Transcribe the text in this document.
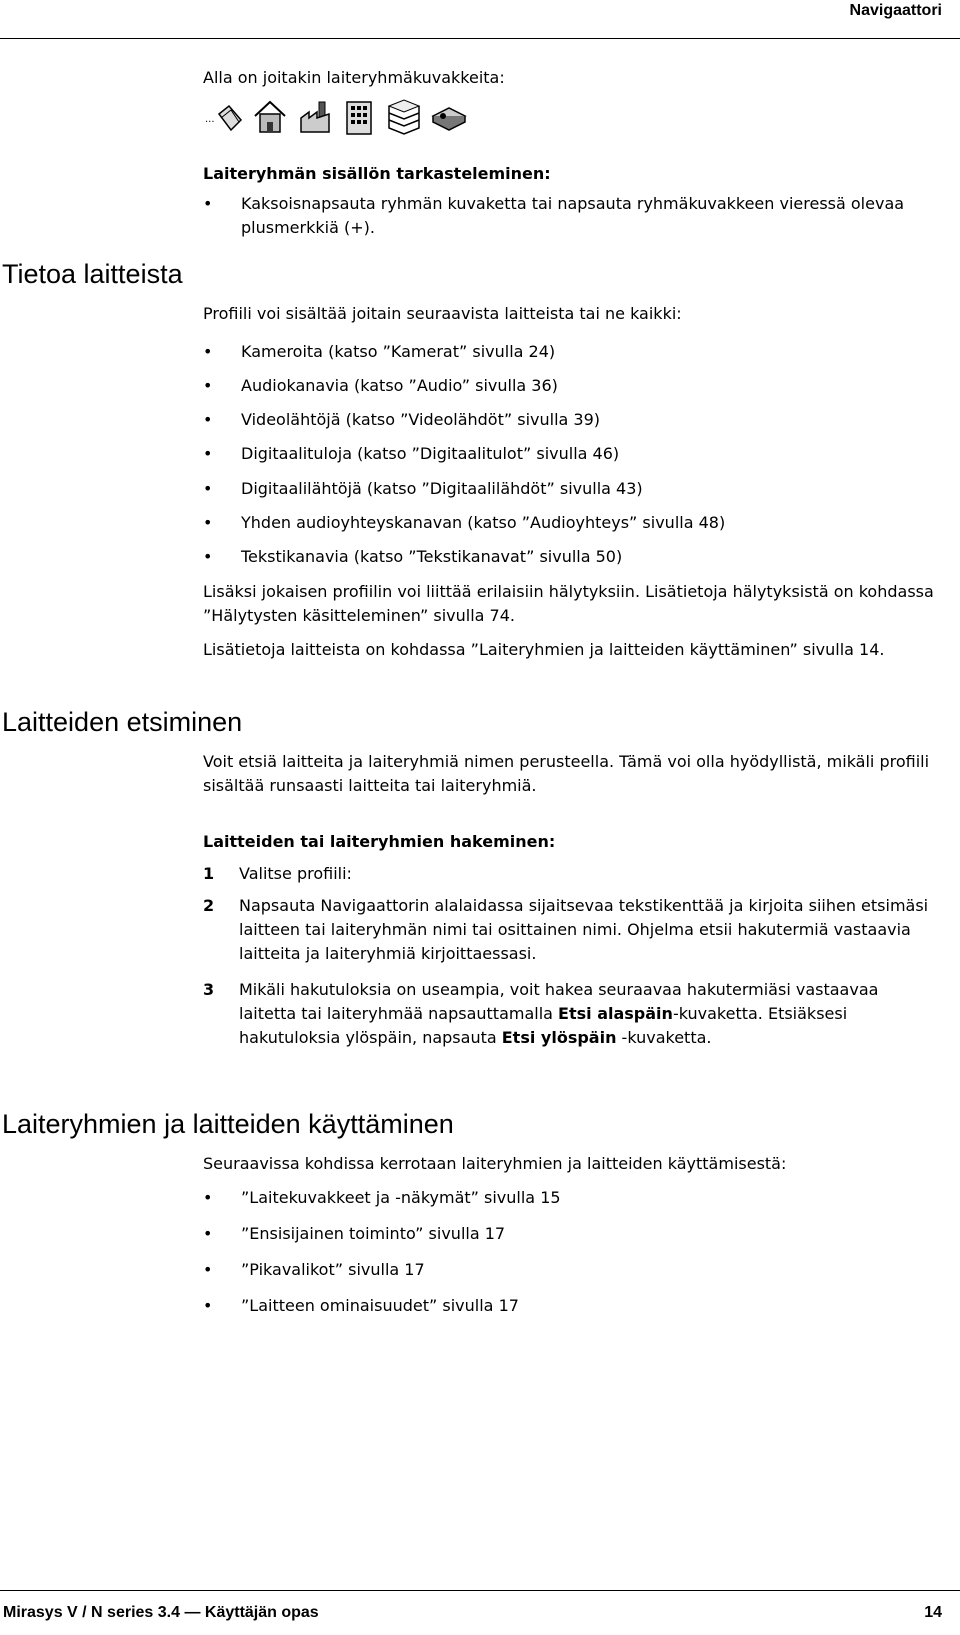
Navigaattori
Tietoa laitteista
Laitteiden etsiminen
Laiteryhmien ja laitteiden käyttäminen
Alla on joitakin laiteryhmäkuvakkeita:
...
Laiteryhmän sisällön tarkasteleminen:
• Kaksoisnapsauta ryhmän kuvaketta tai napsauta ryhmäkuvakkeen vieressä olevaa plusmerkkiä (+).
Profiili voi sisältää joitain seuraavista laitteista tai ne kaikki:
• Kameroita (katso ”Kamerat” sivulla 24)
• Audiokanavia (katso ”Audio” sivulla 36)
• Videolähtöjä (katso ”Videolähdöt” sivulla 39)
• Digitaalituloja (katso ”Digitaalitulot” sivulla 46)
• Digitaalilähtöjä (katso ”Digitaalilähdöt” sivulla 43)
• Yhden audioyhteyskanavan (katso ”Audioyhteys” sivulla 48)
• Tekstikanavia (katso ”Tekstikanavat” sivulla 50)
Lisäksi jokaisen profiilin voi liittää erilaisiin hälytyksiin. Lisätietoja hälytyksistä on kohdassa ”Hälytysten käsitteleminen” sivulla 74.
Lisätietoja laitteista on kohdassa ”Laiteryhmien ja laitteiden käyttäminen” sivulla 14.
Voit etsiä laitteita ja laiteryhmiä nimen perusteella. Tämä voi olla hyödyllistä, mikäli profiili sisältää runsaasti laitteita tai laiteryhmiä.
Laitteiden tai laiteryhmien hakeminen:
1 Valitse profiili:
2 Napsauta Navigaattorin alalaidassa sijaitsevaa tekstikenttää ja kirjoita siihen etsimäsi laitteen tai laiteryhmän nimi tai osittainen nimi. Ohjelma etsii hakutermiä vastaavia laitteita ja laiteryhmiä kirjoittaessasi.
3 Mikäli hakutuloksia on useampia, voit hakea seuraavaa hakutermiäsi vastaavaa laitetta tai laiteryhmää napsauttamalla Etsi alaspäin-kuvaketta. Etsiäksesi hakutuloksia ylöspäin, napsauta Etsi ylöspäin -kuvaketta.
Seuraavissa kohdissa kerrotaan laiteryhmien ja laitteiden käyttämisestä:
• ”Laitekuvakkeet ja -näkymät” sivulla 15
• ”Ensisijainen toiminto” sivulla 17
• ”Pikavalikot” sivulla 17
• ”Laitteen ominaisuudet” sivulla 17
Mirasys V / N series 3.4 — Käyttäjän opas	14
